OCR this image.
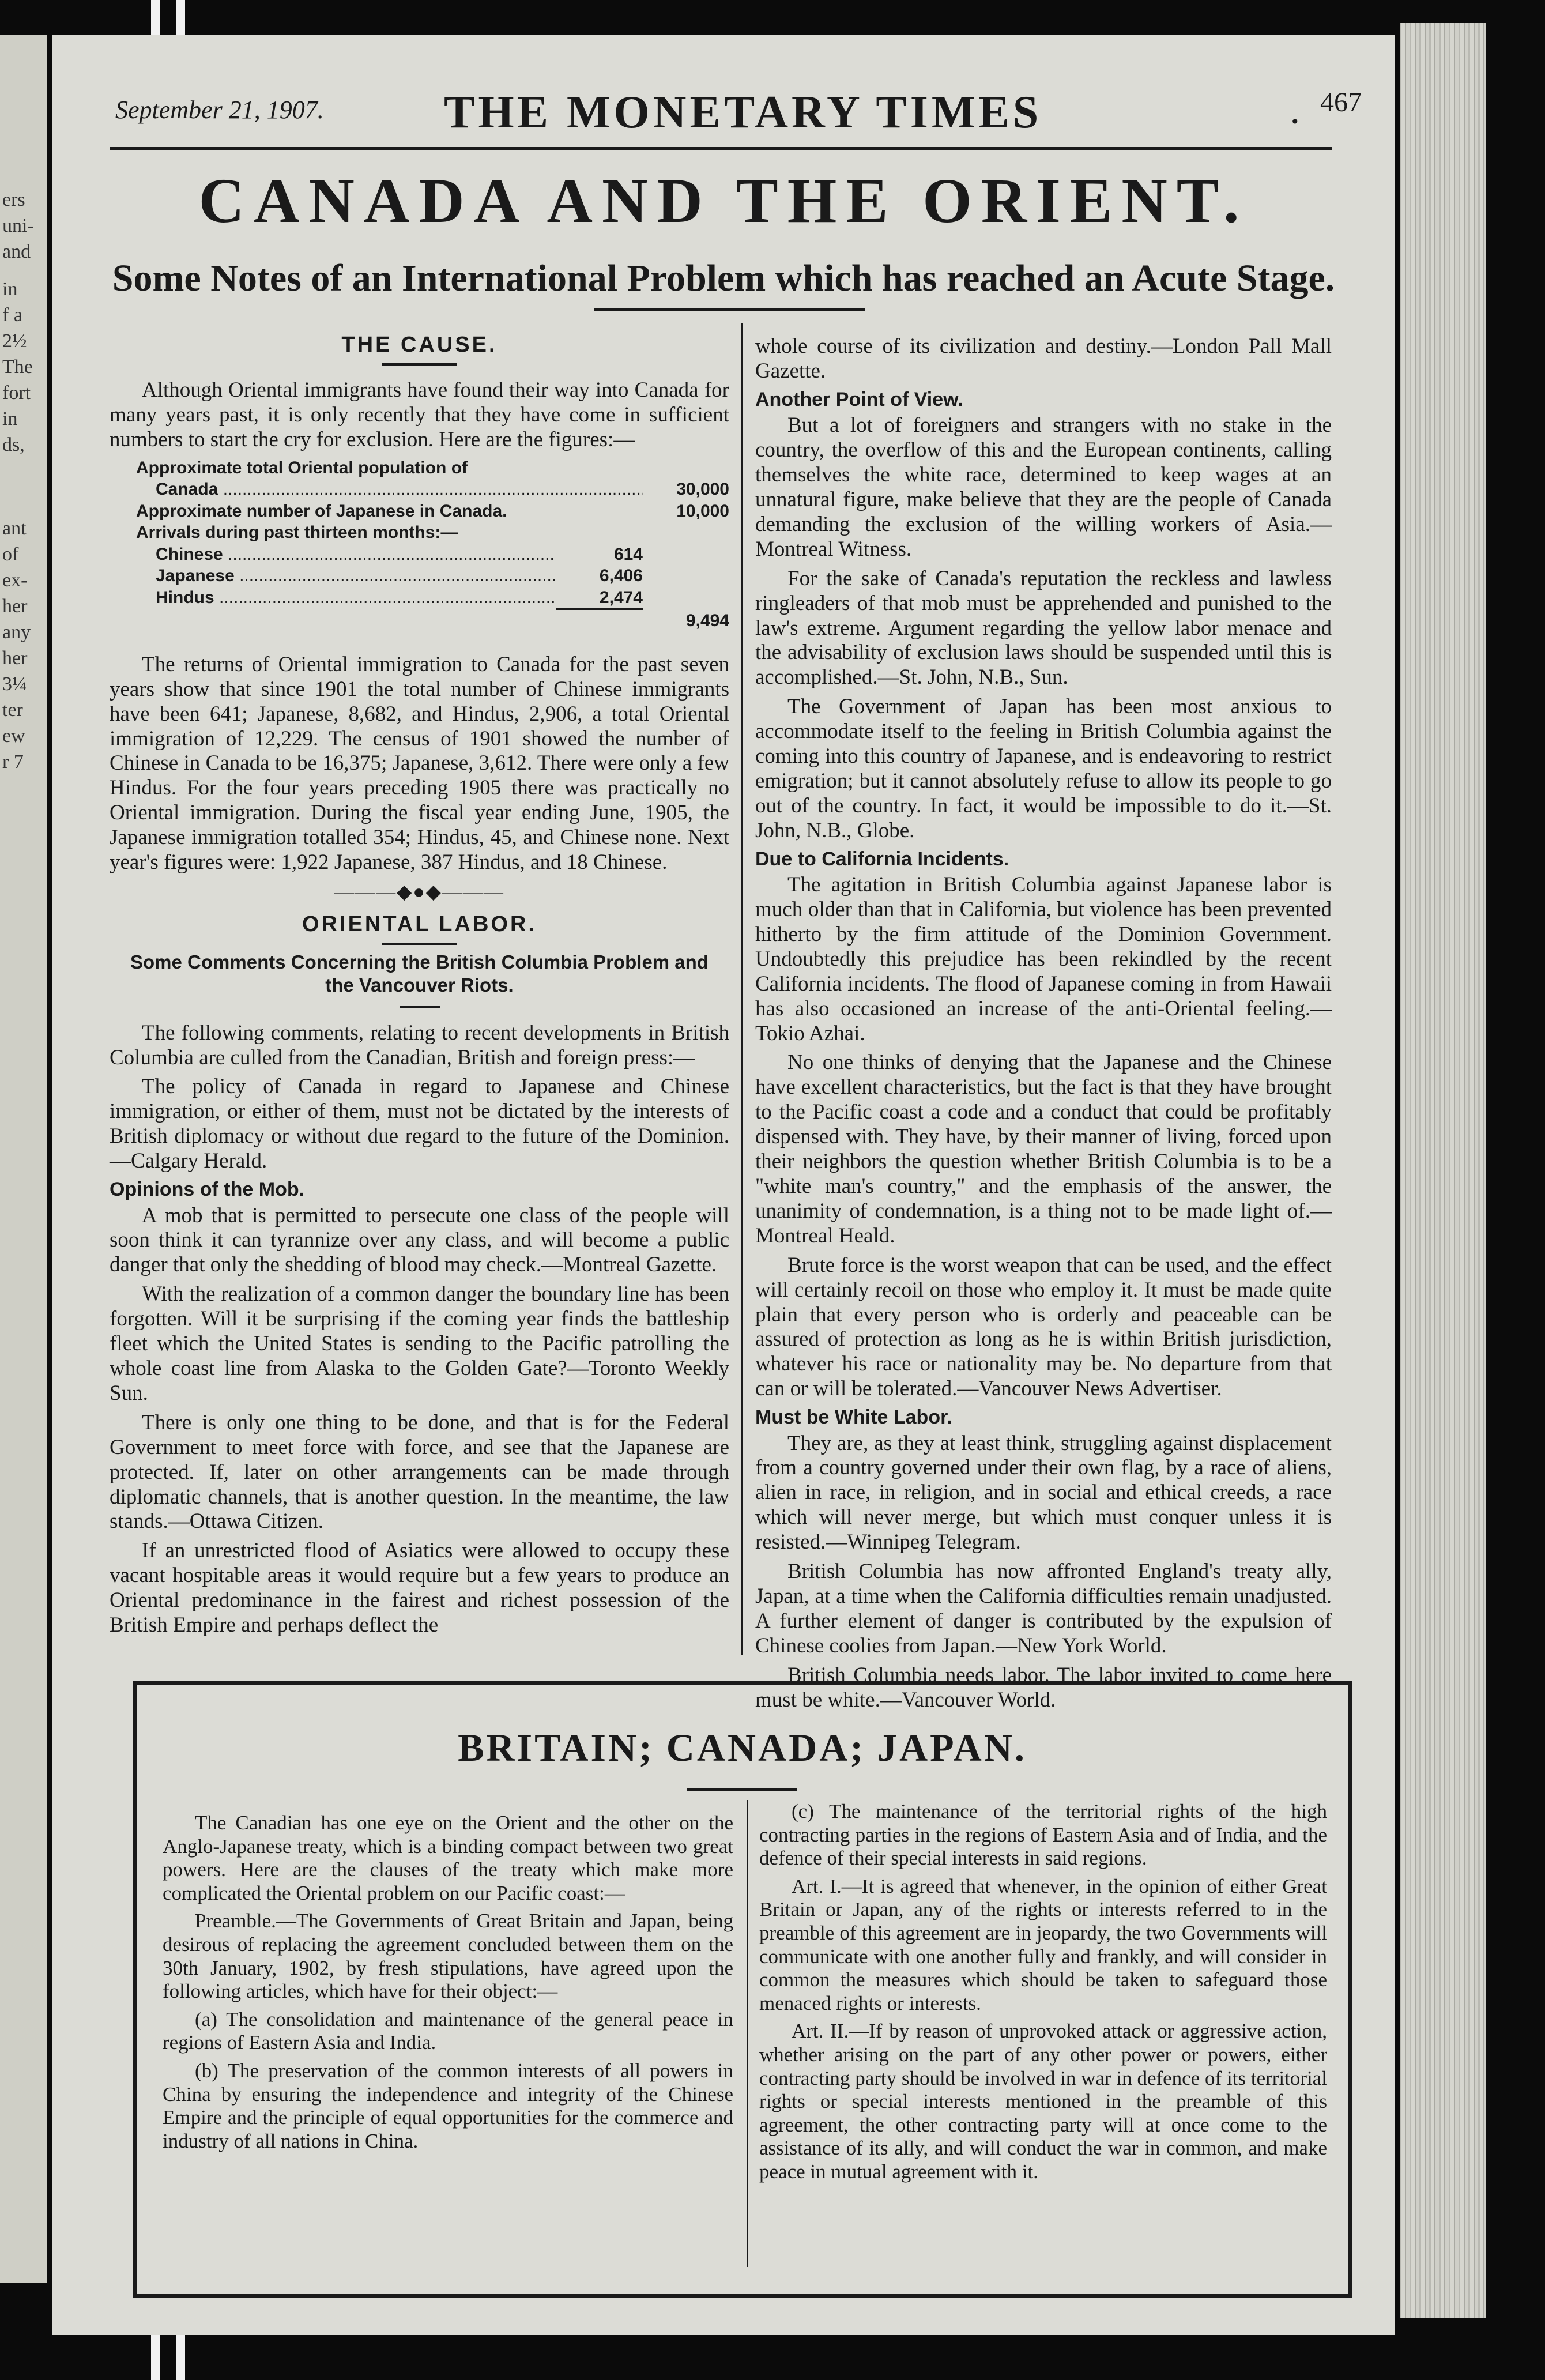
ers
uni-
and
in
f a
2½
The
fort
in
ds,
ant
of
ex-
her
any
her
3¼
ter
ew
r 7
September 21, 1907.	THE MONETARY TIMES	. 467
CANADA AND THE ORIENT.
Some Notes of an International Problem which has reached an Acute Stage.
THE CAUSE.

Although Oriental immigrants have found their way into Canada for many years past, it is only recently that they have come in sufficient numbers to start the cry for exclusion. Here are the figures:—

Approximate total Oriental population of
Canada .....	30,000
Approximate number of Japanese in Canada.	10,000
Arrivals during past thirteen months:—
Chinese .....	614
Japanese .....	6,406
Hindus .....	2,474
9,494

The returns of Oriental immigration to Canada for the past seven years show that since 1901 the total number of Chinese immigrants have been 641; Japanese, 8,682, and Hindus, 2,906, a total Oriental immigration of 12,229. The census of 1901 showed the number of Chinese in Canada to be 16,375; Japanese, 3,612. There were only a few Hindus. For the four years preceding 1905 there was practically no Oriental immigration. During the fiscal year ending June, 1905, the Japanese immigration totalled 354; Hindus, 45, and Chinese none. Next year's figures were: 1,922 Japanese, 387 Hindus, and 18 Chinese.

———◆●◆———
ORIENTAL LABOR.
Some Comments Concerning the British Columbia Problem and the Vancouver Riots.

The following comments, relating to recent developments in British Columbia are culled from the Canadian, British and foreign press:—

The policy of Canada in regard to Japanese and Chinese immigration, or either of them, must not be dictated by the interests of British diplomacy or without due regard to the future of the Dominion.—Calgary Herald.

Opinions of the Mob.

A mob that is permitted to persecute one class of the people will soon think it can tyrannize over any class, and will become a public danger that only the shedding of blood may check.—Montreal Gazette.

With the realization of a common danger the boundary line has been forgotten. Will it be surprising if the coming year finds the battleship fleet which the United States is sending to the Pacific patrolling the whole coast line from Alaska to the Golden Gate?—Toronto Weekly Sun.

There is only one thing to be done, and that is for the Federal Government to meet force with force, and see that the Japanese are protected. If, later on other arrangements can be made through diplomatic channels, that is another question. In the meantime, the law stands.—Ottawa Citizen.

If an unrestricted flood of Asiatics were allowed to occupy these vacant hospitable areas it would require but a few years to produce an Oriental predominance in the fairest and richest possession of the British Empire and perhaps deflect the

whole course of its civilization and destiny.—London Pall Mall Gazette.

Another Point of View.

But a lot of foreigners and strangers with no stake in the country, the overflow of this and the European continents, calling themselves the white race, determined to keep wages at an unnatural figure, make believe that they are the people of Canada demanding the exclusion of the willing workers of Asia.—Montreal Witness.

For the sake of Canada's reputation the reckless and lawless ringleaders of that mob must be apprehended and punished to the law's extreme. Argument regarding the yellow labor menace and the advisability of exclusion laws should be suspended until this is accomplished.—St. John, N.B., Sun.

The Government of Japan has been most anxious to accommodate itself to the feeling in British Columbia against the coming into this country of Japanese, and is endeavoring to restrict emigration; but it cannot absolutely refuse to allow its people to go out of the country. In fact, it would be impossible to do it.—St. John, N.B., Globe.

Due to California Incidents.

The agitation in British Columbia against Japanese labor is much older than that in California, but violence has been prevented hitherto by the firm attitude of the Dominion Government. Undoubtedly this prejudice has been rekindled by the recent California incidents. The flood of Japanese coming in from Hawaii has also occasioned an increase of the anti-Oriental feeling.—Tokio Azhai.

No one thinks of denying that the Japanese and the Chinese have excellent characteristics, but the fact is that they have brought to the Pacific coast a code and a conduct that could be profitably dispensed with. They have, by their manner of living, forced upon their neighbors the question whether British Columbia is to be a "white man's country," and the emphasis of the answer, the unanimity of condemnation, is a thing not to be made light of.—Montreal Heald.

Brute force is the worst weapon that can be used, and the effect will certainly recoil on those who employ it. It must be made quite plain that every person who is orderly and peaceable can be assured of protection as long as he is within British jurisdiction, whatever his race or nationality may be. No departure from that can or will be tolerated.—Vancouver News Advertiser.

Must be White Labor.

They are, as they at least think, struggling against displacement from a country governed under their own flag, by a race of aliens, alien in race, in religion, and in social and ethical creeds, a race which will never merge, but which must conquer unless it is resisted.—Winnipeg Telegram.

British Columbia has now affronted England's treaty ally, Japan, at a time when the California difficulties remain unadjusted. A further element of danger is contributed by the expulsion of Chinese coolies from Japan.—New York World.

British Columbia needs labor. The labor invited to come here must be white.—Vancouver World.

BRITAIN; CANADA; JAPAN.

The Canadian has one eye on the Orient and the other on the Anglo-Japanese treaty, which is a binding compact between two great powers. Here are the clauses of the treaty which make more complicated the Oriental problem on our Pacific coast:—

Preamble.—The Governments of Great Britain and Japan, being desirous of replacing the agreement concluded between them on the 30th January, 1902, by fresh stipulations, have agreed upon the following articles, which have for their object:—

(a) The consolidation and maintenance of the general peace in regions of Eastern Asia and India.

(b) The preservation of the common interests of all powers in China by ensuring the independence and integrity of the Chinese Empire and the principle of equal opportunities for the commerce and industry of all nations in China.

(c) The maintenance of the territorial rights of the high contracting parties in the regions of Eastern Asia and of India, and the defence of their special interests in said regions.

Art. I.—It is agreed that whenever, in the opinion of either Great Britain or Japan, any of the rights or interests referred to in the preamble of this agreement are in jeopardy, the two Governments will communicate with one another fully and frankly, and will consider in common the measures which should be taken to safeguard those menaced rights or interests.

Art. II.—If by reason of unprovoked attack or aggressive action, whether arising on the part of any other power or powers, either contracting party should be involved in war in defence of its territorial rights or special interests mentioned in the preamble of this agreement, the other contracting party will at once come to the assistance of its ally, and will conduct the war in common, and make peace in mutual agreement with it.
